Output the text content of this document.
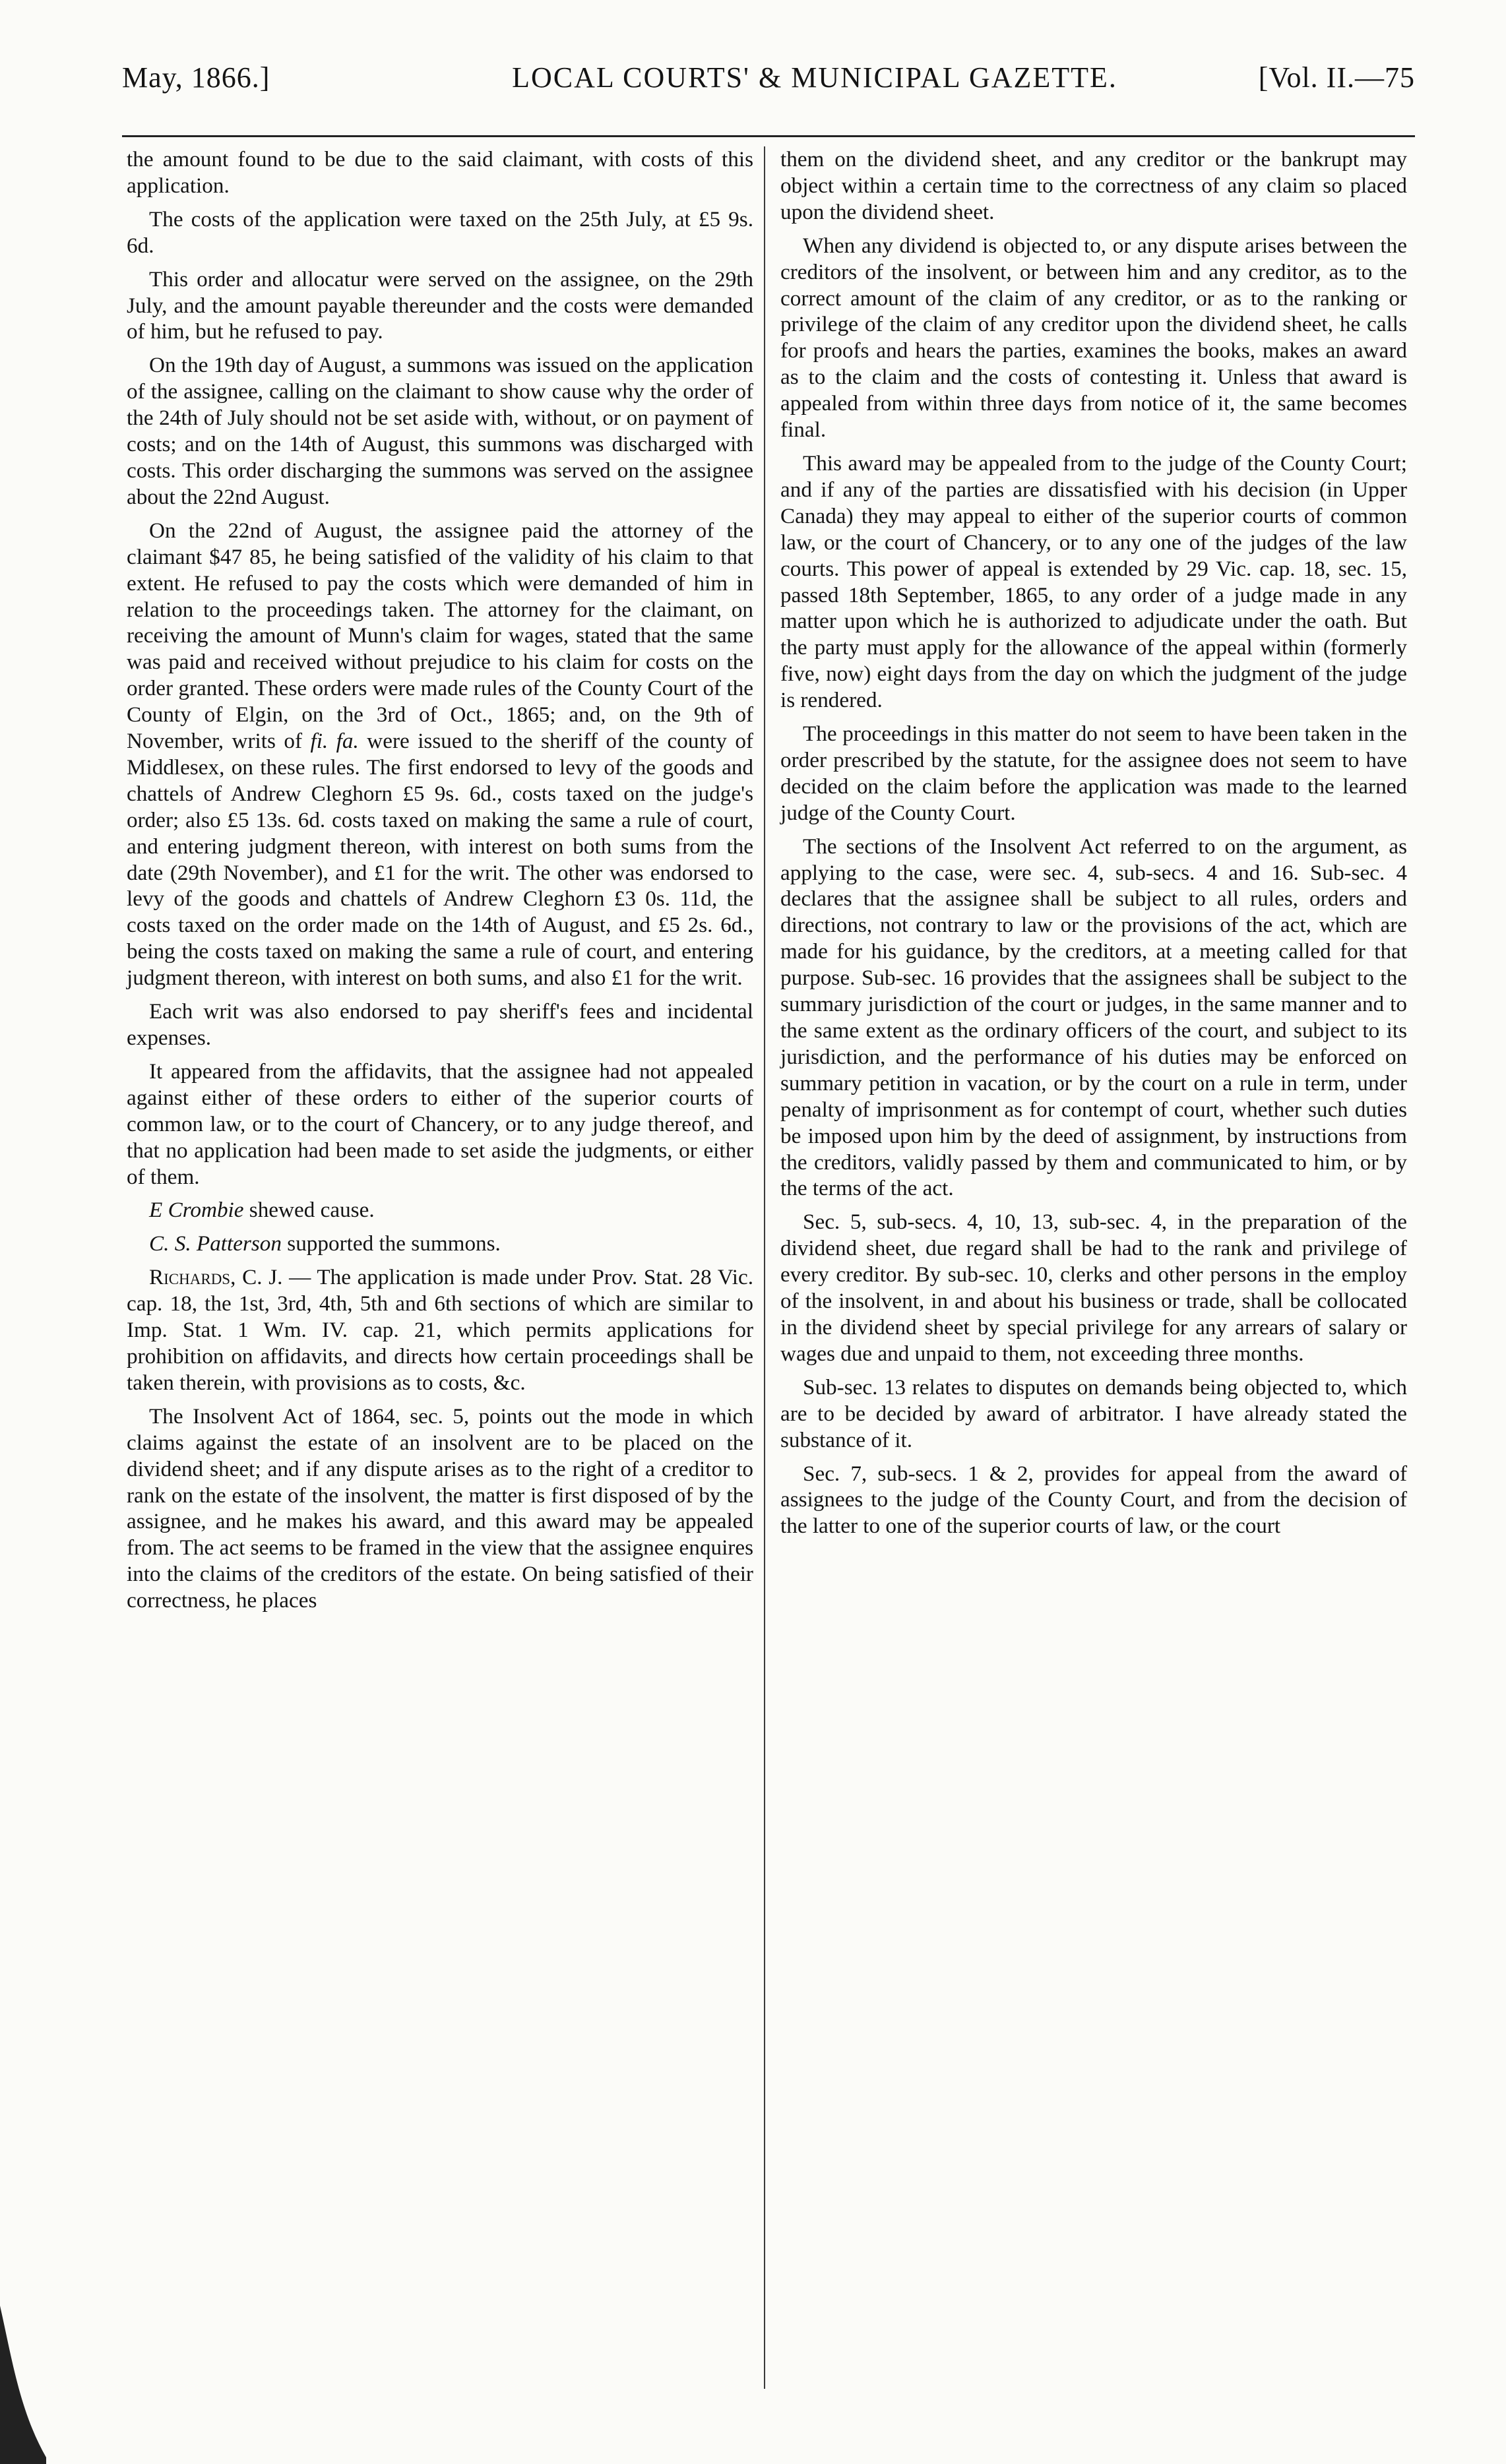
May, 1866.]	LOCAL COURTS' & MUNICIPAL GAZETTE.	[Vol. II.—75

the amount found to be due to the said claimant, with costs of this application.

The costs of the application were taxed on the 25th July, at £5 9s. 6d.

This order and allocatur were served on the assignee, on the 29th July, and the amount payable thereunder and the costs were demanded of him, but he refused to pay.

On the 19th day of August, a summons was issued on the application of the assignee, calling on the claimant to show cause why the order of the 24th of July should not be set aside with, without, or on payment of costs; and on the 14th of August, this summons was discharged with costs. This order discharging the summons was served on the assignee about the 22nd August.

On the 22nd of August, the assignee paid the attorney of the claimant $47 85, he being satisfied of the validity of his claim to that extent. He refused to pay the costs which were demanded of him in relation to the proceedings taken. The attorney for the claimant, on receiving the amount of Munn's claim for wages, stated that the same was paid and received without prejudice to his claim for costs on the order granted. These orders were made rules of the County Court of the County of Elgin, on the 3rd of Oct., 1865; and, on the 9th of November, writs of fi. fa. were issued to the sheriff of the county of Middlesex, on these rules. The first endorsed to levy of the goods and chattels of Andrew Cleghorn £5 9s. 6d., costs taxed on the judge's order; also £5 13s. 6d. costs taxed on making the same a rule of court, and entering judgment thereon, with interest on both sums from the date (29th November), and £1 for the writ. The other was endorsed to levy of the goods and chattels of Andrew Cleghorn £3 0s. 11d, the costs taxed on the order made on the 14th of August, and £5 2s. 6d., being the costs taxed on making the same a rule of court, and entering judgment thereon, with interest on both sums, and also £1 for the writ.

Each writ was also endorsed to pay sheriff's fees and incidental expenses.

It appeared from the affidavits, that the assignee had not appealed against either of these orders to either of the superior courts of common law, or to the court of Chancery, or to any judge thereof, and that no application had been made to set aside the judgments, or either of them.

E Crombie shewed cause.

C. S. Patterson supported the summons.

Richards, C. J. — The application is made under Prov. Stat. 28 Vic. cap. 18, the 1st, 3rd, 4th, 5th and 6th sections of which are similar to Imp. Stat. 1 Wm. IV. cap. 21, which permits applications for prohibition on affidavits, and directs how certain proceedings shall be taken therein, with provisions as to costs, &c.

The Insolvent Act of 1864, sec. 5, points out the mode in which claims against the estate of an insolvent are to be placed on the dividend sheet; and if any dispute arises as to the right of a creditor to rank on the estate of the insolvent, the matter is first disposed of by the assignee, and he makes his award, and this award may be appealed from. The act seems to be framed in the view that the assignee enquires into the claims of the creditors of the estate. On being satisfied of their correctness, he places

them on the dividend sheet, and any creditor or the bankrupt may object within a certain time to the correctness of any claim so placed upon the dividend sheet.

When any dividend is objected to, or any dispute arises between the creditors of the insolvent, or between him and any creditor, as to the correct amount of the claim of any creditor, or as to the ranking or privilege of the claim of any creditor upon the dividend sheet, he calls for proofs and hears the parties, examines the books, makes an award as to the claim and the costs of contesting it. Unless that award is appealed from within three days from notice of it, the same becomes final.

This award may be appealed from to the judge of the County Court; and if any of the parties are dissatisfied with his decision (in Upper Canada) they may appeal to either of the superior courts of common law, or the court of Chancery, or to any one of the judges of the law courts. This power of appeal is extended by 29 Vic. cap. 18, sec. 15, passed 18th September, 1865, to any order of a judge made in any matter upon which he is authorized to adjudicate under the oath. But the party must apply for the allowance of the appeal within (formerly five, now) eight days from the day on which the judgment of the judge is rendered.

The proceedings in this matter do not seem to have been taken in the order prescribed by the statute, for the assignee does not seem to have decided on the claim before the application was made to the learned judge of the County Court.

The sections of the Insolvent Act referred to on the argument, as applying to the case, were sec. 4, sub-secs. 4 and 16. Sub-sec. 4 declares that the assignee shall be subject to all rules, orders and directions, not contrary to law or the provisions of the act, which are made for his guidance, by the creditors, at a meeting called for that purpose. Sub-sec. 16 provides that the assignees shall be subject to the summary jurisdiction of the court or judges, in the same manner and to the same extent as the ordinary officers of the court, and subject to its jurisdiction, and the performance of his duties may be enforced on summary petition in vacation, or by the court on a rule in term, under penalty of imprisonment as for contempt of court, whether such duties be imposed upon him by the deed of assignment, by instructions from the creditors, validly passed by them and communicated to him, or by the terms of the act.

Sec. 5, sub-secs. 4, 10, 13, sub-sec. 4, in the preparation of the dividend sheet, due regard shall be had to the rank and privilege of every creditor. By sub-sec. 10, clerks and other persons in the employ of the insolvent, in and about his business or trade, shall be collocated in the dividend sheet by special privilege for any arrears of salary or wages due and unpaid to them, not exceeding three months.

Sub-sec. 13 relates to disputes on demands being objected to, which are to be decided by award of arbitrator. I have already stated the substance of it.

Sec. 7, sub-secs. 1 & 2, provides for appeal from the award of assignees to the judge of the County Court, and from the decision of the latter to one of the superior courts of law, or the court
